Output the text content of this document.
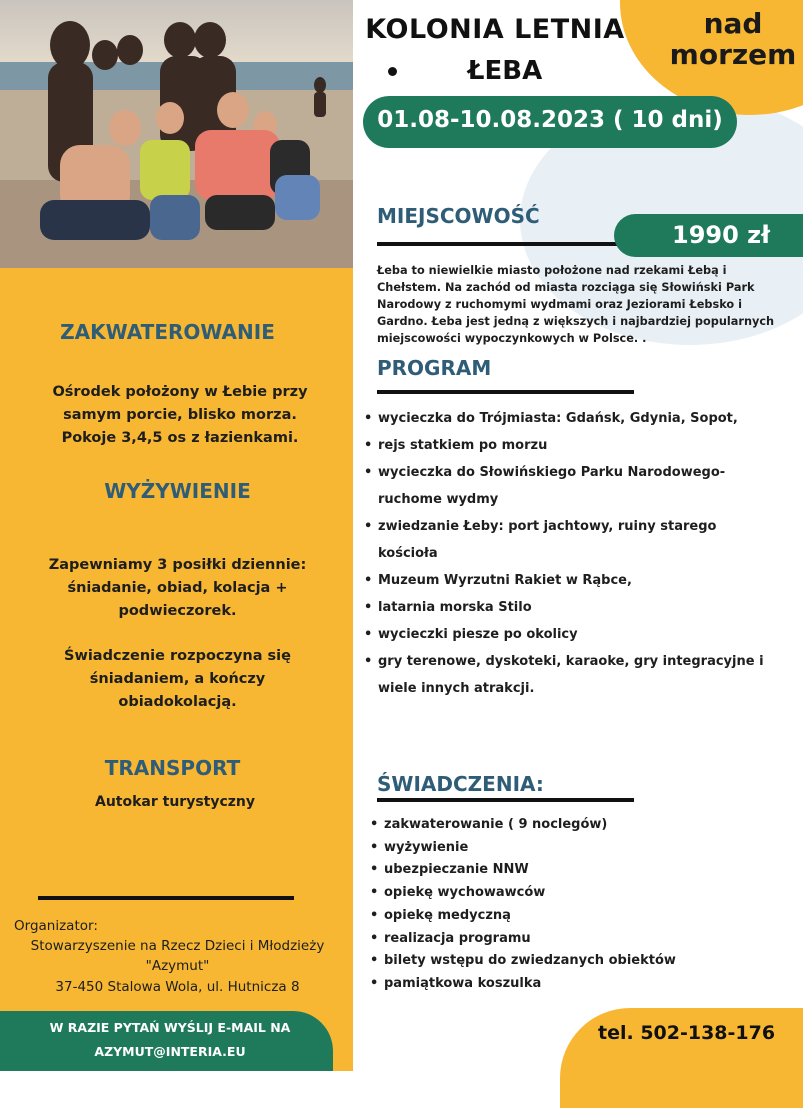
KOLONIA LETNIA
ŁEBA
nad morzem
01.08-10.08.2023 ( 10 dni)
MIEJSCOWOŚĆ
1990 zł
Łeba to niewielkie miasto położone nad rzekami Łebą i Chełstem. Na zachód od miasta rozciąga się Słowiński Park Narodowy z ruchomymi wydmami oraz Jeziorami Łebsko i Gardno. Łeba jest jedną z większych i najbardziej popularnych miejscowości wypoczynkowych w Polsce. .
PROGRAM
• wycieczka do Trójmiasta: Gdańsk, Gdynia, Sopot,
• rejs statkiem po morzu
• wycieczka do Słowińskiego Parku Narodowego- ruchome wydmy
• zwiedzanie Łeby: port jachtowy, ruiny starego kościoła
• Muzeum Wyrzutni Rakiet w Rąbce,
• latarnia morska Stilo
• wycieczki piesze po okolicy
• gry terenowe, dyskoteki, karaoke, gry integracyjne i wiele innych atrakcji.
ŚWIADCZENIA:
• zakwaterowanie ( 9 noclegów)
• wyżywienie
• ubezpieczanie NNW
• opiekę wychowawców
• opiekę medyczną
• realizacja programu
• bilety wstępu do zwiedzanych obiektów
• pamiątkowa koszulka
ZAKWATEROWANIE
Ośrodek położony w Łebie przy samym porcie, blisko morza. Pokoje 3,4,5 os z łazienkami.
WYŻYWIENIE
Zapewniamy 3 posiłki dziennie: śniadanie, obiad, kolacja + podwieczorek.
Świadczenie rozpoczyna się śniadaniem, a kończy obiadokolacją.
TRANSPORT
Autokar turystyczny
Organizator:
Stowarzyszenie na Rzecz Dzieci i Młodzieży
"Azymut"
37-450 Stalowa Wola, ul. Hutnicza 8
W RAZIE PYTAŃ WYŚLIJ E-MAIL NA
AZYMUT@INTERIA.EU
tel. 502-138-176
